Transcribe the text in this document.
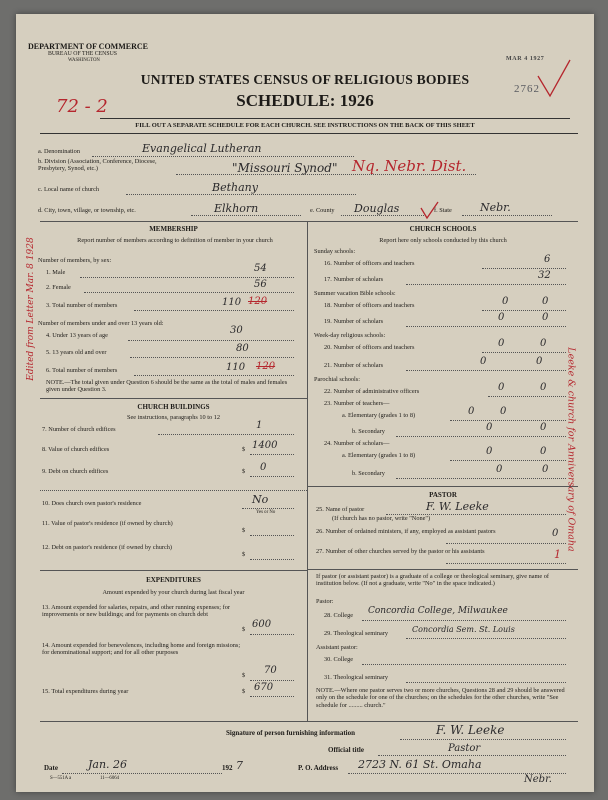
DEPARTMENT OF COMMERCE
BUREAU OF THE CENSUS
WASHINGTON
UNITED STATES CENSUS OF RELIGIOUS BODIES
SCHEDULE: 1926
MAR 4 1927
2762
72 - 2
FILL OUT A SEPARATE SCHEDULE FOR EACH CHURCH. SEE INSTRUCTIONS ON THE BACK OF THIS SHEET
a. Denomination	Evangelical Lutheran
b. Division (Association, Conference, Diocese, Presbytery, Synod, etc.)	"Missouri Synod" Nq. Nebr. Dist.
c. Local name of church	Bethany
d. City, town, village, or township, etc.	Elkhorn	e. County Douglas	f. State	Nebr.
MEMBERSHIP
Report number of members according to definition of member in your church
Number of members, by sex:
1. Male	54
2. Female	56
3. Total number of members	110 120
Number of members under and over 13 years old:
4. Under 13 years of age	30
5. 13 years old and over	80
6. Total number of members	110 120
NOTE.—The total given under Question 6 should be the same as the total of males and females given under Question 3.
CHURCH BUILDINGS
See instructions, paragraphs 10 to 12
7. Number of church edifices	1
8. Value of church edifices	$ 1400
9. Debt on church edifices	$ 0
10. Does church own pastor's residence	No
Yes or No
11. Value of pastor's residence (if owned by church)
$
12. Debt on pastor's residence (if owned by church)
$
EXPENDITURES
Amount expended by your church during last fiscal year
13. Amount expended for salaries, repairs, and other running expenses; for improvements or new buildings; and for payments on church debt
$ 600
14. Amount expended for benevolences, including home and foreign missions; for denominational support; and for all other purposes
$ 70
15. Total expenditures during year	$ 670
CHURCH SCHOOLS
Report here only schools conducted by this church
Sunday schools:
16. Number of officers and teachers	6
17. Number of scholars	32
Summer vacation Bible schools:
18. Number of officers and teachers	0	0
19. Number of scholars	0	0
Week-day religious schools:
20. Number of officers and teachers	0	0
21. Number of scholars	0	0
Parochial schools:
22. Number of administrative officers	0	0
23. Number of teachers—
a. Elementary (grades 1 to 8)	0	0
b. Secondary	0	0
24. Number of scholars—
a. Elementary (grades 1 to 8)	0	0
b. Secondary	0	0
PASTOR
25. Name of pastor	F. W. Leeke
(If church has no pastor, write "None")
26. Number of ordained ministers, if any, employed as assistant pastors	0
27. Number of other churches served by the pastor or his assistants	1
If pastor (or assistant pastor) is a graduate of a college or theological seminary, give name of institution below. (If not a graduate, write "No" in the space indicated.)
Pastor:
28. College Concordia College, Milwaukee
29. Theological seminary	Concordia Sem. St. Louis
Assistant pastor:
30. College
31. Theological seminary
NOTE.—Where one pastor serves two or more churches, Questions 28 and 29 should be answered only on the schedule for one of the churches; on the schedules for the other churches, write "See schedule for ......... church."
Signature of person furnishing information	F. W. Leeke
Official title	Pastor
Date	Jan. 26	192 7	P. O. Address 2723 N. 61 St. Omaha
Nebr.
S—551A a	11—6064
Edited from Letter Mar. 8 1928
Leeke & church for Anniversary of Omaha
